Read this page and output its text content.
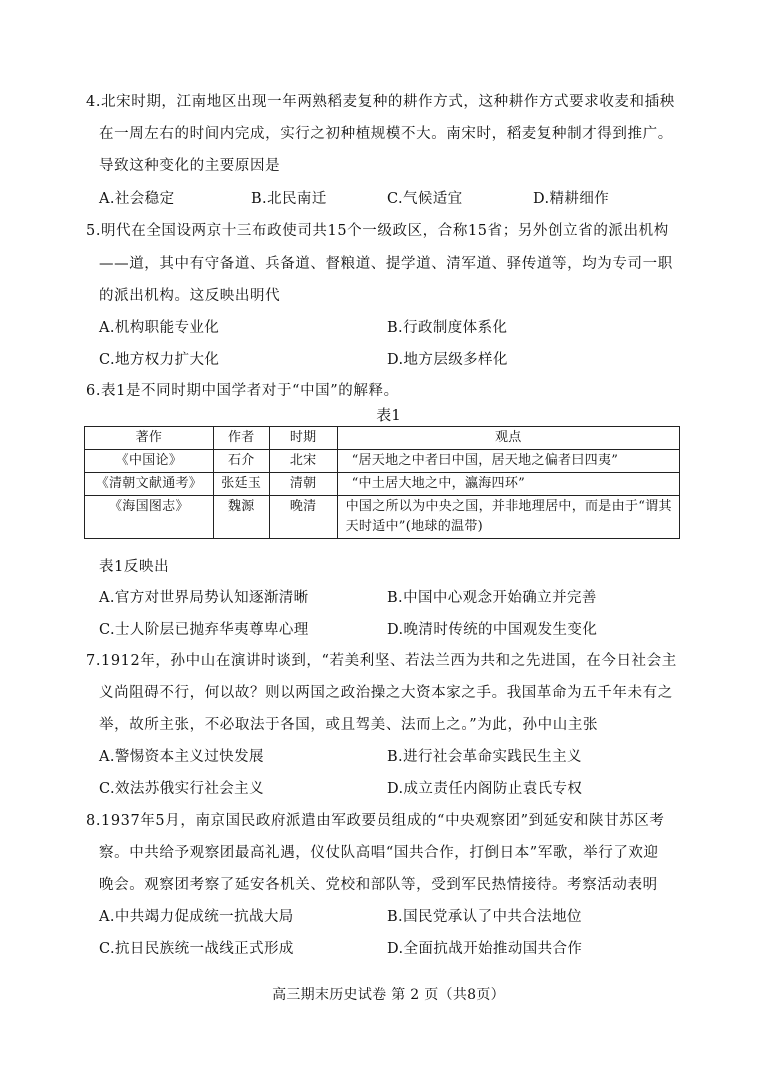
4.北宋时期，江南地区出现一年两熟稻麦复种的耕作方式，这种耕作方式要求收麦和插秧
在一周左右的时间内完成，实行之初种植规模不大。南宋时，稻麦复种制才得到推广。
导致这种变化的主要原因是
A.社会稳定	B.北民南迁	C.气候适宜	D.精耕细作
5.明代在全国设两京十三布政使司共15个一级政区，合称15省；另外创立省的派出机构
——道，其中有守备道、兵备道、督粮道、提学道、清军道、驿传道等，均为专司一职
的派出机构。这反映出明代
A.机构职能专业化	B.行政制度体系化
C.地方权力扩大化	D.地方层级多样化
6.表1是不同时期中国学者对于“中国”的解释。
表1
著作	作者	时期	观点
《中国论》	石介	北宋	“居天地之中者曰中国，居天地之偏者曰四夷”
《清朝文献通考》	张廷玉	清朝	“中土居大地之中，瀛海四环”
《海国图志》	魏源	晚清	中国之所以为中央之国，并非地理居中，而是由于“谓其天时适中”(地球的温带)
表1反映出
A.官方对世界局势认知逐渐清晰	B.中国中心观念开始确立并完善
C.士人阶层已抛弃华夷尊卑心理	D.晚清时传统的中国观发生变化
7.1912年，孙中山在演讲时谈到，“若美利坚、若法兰西为共和之先进国，在今日社会主
义尚阻碍不行，何以故？则以两国之政治操之大资本家之手。我国革命为五千年未有之
举，故所主张，不必取法于各国，或且驾美、法而上之。”为此，孙中山主张
A.警惕资本主义过快发展	B.进行社会革命实践民生主义
C.效法苏俄实行社会主义	D.成立责任内阁防止袁氏专权
8.1937年5月，南京国民政府派遣由军政要员组成的“中央观察团”到延安和陕甘苏区考
察。中共给予观察团最高礼遇，仪仗队高唱“国共合作，打倒日本”军歌，举行了欢迎
晚会。观察团考察了延安各机关、党校和部队等，受到军民热情接待。考察活动表明
A.中共竭力促成统一抗战大局	B.国民党承认了中共合法地位
C.抗日民族统一战线正式形成	D.全面抗战开始推动国共合作
高三期末历史试卷 第 2 页（共8页）
